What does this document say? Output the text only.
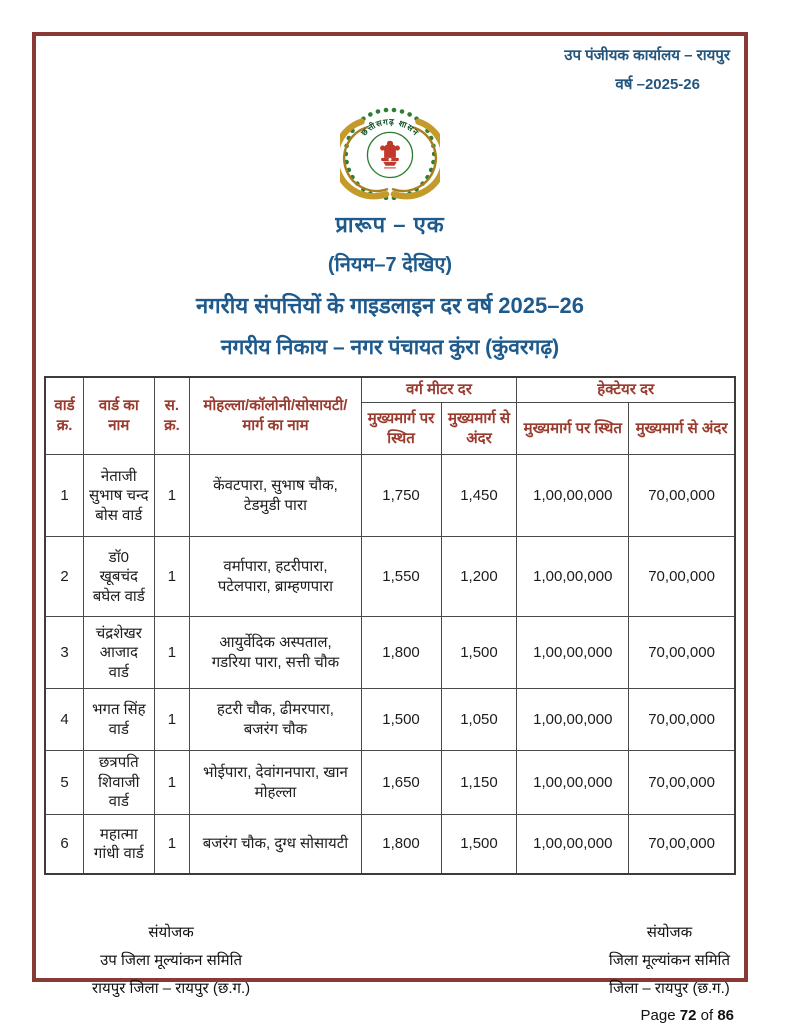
उप पंजीयक कार्यालय – रायपुर
वर्ष –2025-26
छत्तीसगढ़ शासन
प्रारूप – एक
(नियम–7 देखिए)
नगरीय संपत्तियों के गाइडलाइन दर वर्ष 2025–26
नगरीय निकाय – नगर पंचायत कुंरा (कुंवरगढ़)
वार्ड क्र.	वार्ड का नाम	स. क्र.	मोहल्ला/कॉलोनी/सोसायटी/मार्ग का नाम	वर्ग मीटर दर		हेक्टेयर दर	
				मुख्यमार्ग पर स्थित	मुख्यमार्ग से अंदर	मुख्यमार्ग पर स्थित	मुख्यमार्ग से अंदर
1	नेताजी सुभाष चन्द बोस वार्ड	1	केंवटपारा, सुभाष चौक, टेडमुडी पारा	1,750	1,450	1,00,00,000	70,00,000
2	डॉ0 खूबचंद बघेल वार्ड	1	वर्मापारा, हटरीपारा, पटेलपारा, ब्राम्हणपारा	1,550	1,200	1,00,00,000	70,00,000
3	चंद्रशेखर आजाद वार्ड	1	आयुर्वेदिक अस्पताल, गडरिया पारा, सत्ती चौक	1,800	1,500	1,00,00,000	70,00,000
4	भगत सिंह वार्ड	1	हटरी चौक, ढीमरपारा, बजरंग चौक	1,500	1,050	1,00,00,000	70,00,000
5	छत्रपति शिवाजी वार्ड	1	भोईपारा, देवांगनपारा, खान मोहल्ला	1,650	1,150	1,00,00,000	70,00,000
6	महात्मा गांधी वार्ड	1	बजरंग चौक, दुग्ध सोसायटी	1,800	1,500	1,00,00,000	70,00,000
संयोजक
उप जिला मूल्यांकन समिति
रायपुर जिला – रायपुर (छ.ग.)
संयोजक
जिला मूल्यांकन समिति
जिला – रायपुर (छ.ग.)
Page 72 of 86
